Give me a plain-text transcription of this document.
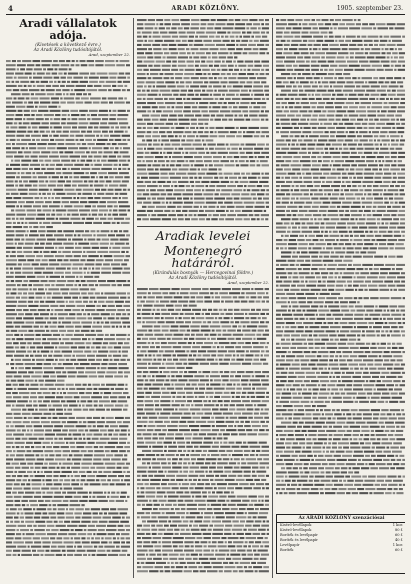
4	ARADI KÖZLÖNY.	1905. szeptember 23.
Aradi vállalatok adója.
(Kivetések a következő évre.)
Az Aradi Közlöny tudósítójától.
Arad, szeptember 22.
Aradiak levelei
Montenegró határáról.
(Kirándulás bosnyák — Hercegovinai földre.)
Az Aradi Közlöny tudósítójától.
Arad, szeptember 22.
Az ARADI KÖZLÖNY szenzációsai
Kisérő-levéllapok	1 kor.
Kisérő-levéllapok	80 f.
Boríték és levélpapír	60 f.
Boríték és levélpapír	40 f.
Levélpapír	1 kor.
Boríték	60 f.
